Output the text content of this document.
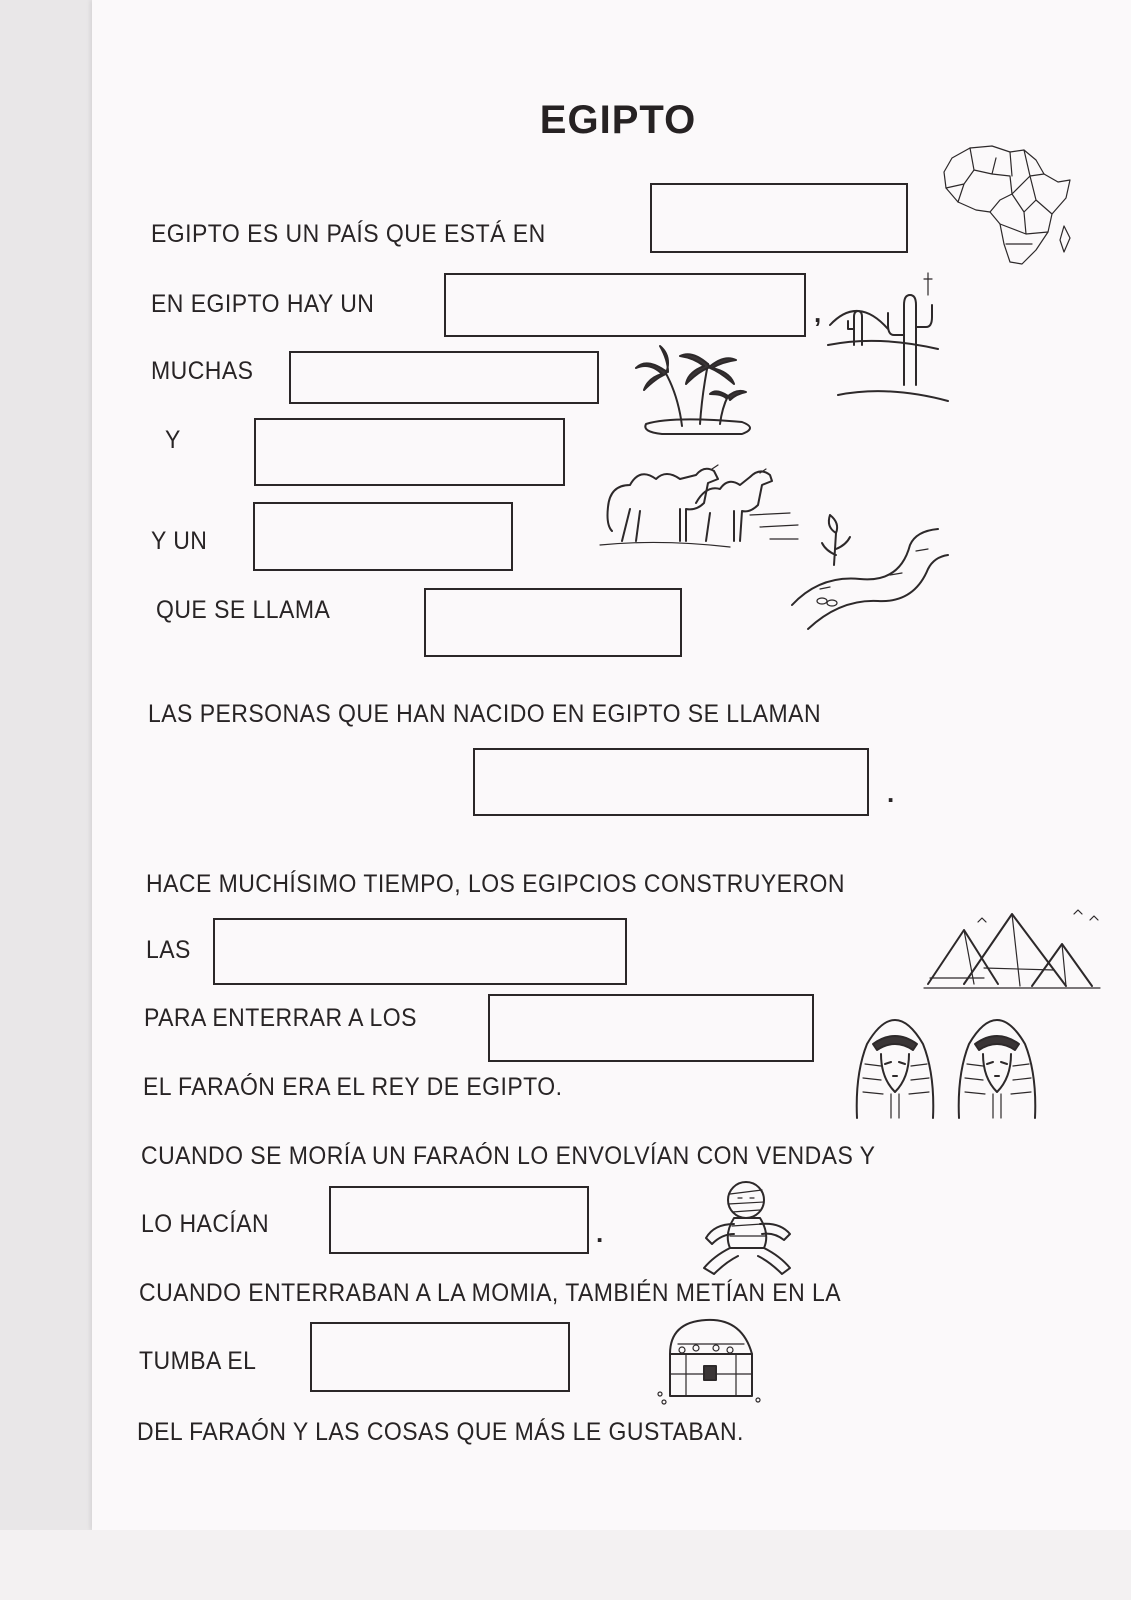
EGIPTO
EGIPTO ES UN PAÍS QUE ESTÁ EN
EN EGIPTO HAY UN	,
MUCHAS
Y
Y UN
QUE SE LLAMA
LAS PERSONAS QUE HAN NACIDO EN EGIPTO SE LLAMAN
.
HACE MUCHÍSIMO TIEMPO, LOS EGIPCIOS CONSTRUYERON
LAS
PARA ENTERRAR A LOS
EL FARAÓN ERA EL REY DE EGIPTO.
CUANDO SE MORÍA UN FARAÓN LO ENVOLVÍAN CON VENDAS Y
LO HACÍAN	.
CUANDO ENTERRABAN A LA MOMIA, TAMBIÉN METÍAN EN LA
TUMBA EL
DEL FARAÓN Y LAS COSAS QUE MÁS LE GUSTABAN.
